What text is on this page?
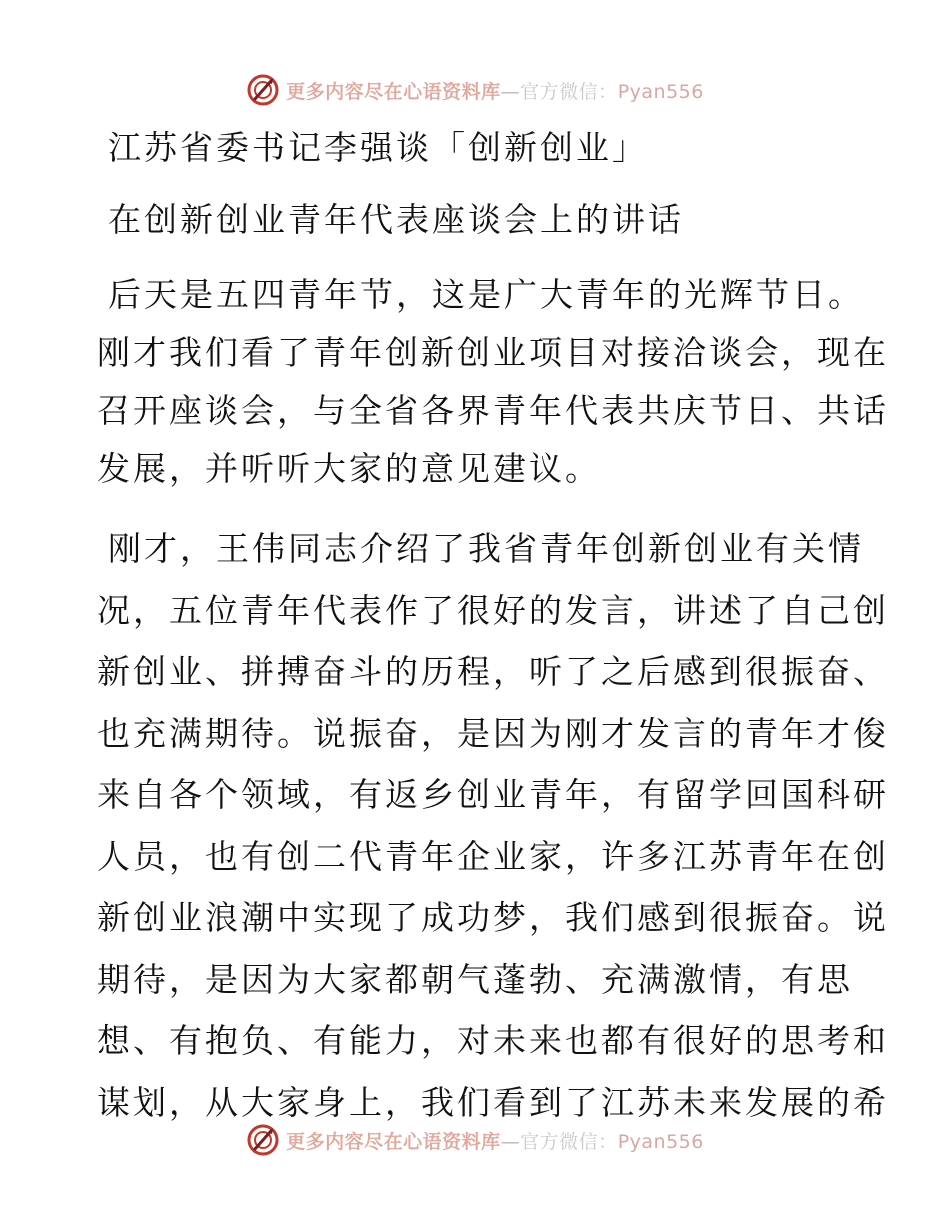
更多内容尽在心语资料库—官方微信：Pyan556
江苏省委书记李强谈「创新创业」
在创新创业青年代表座谈会上的讲话
后天是五四青年节，这是广大青年的光辉节日。
刚才我们看了青年创新创业项目对接洽谈会，现在
召开座谈会，与全省各界青年代表共庆节日、共话
发展，并听听大家的意见建议。
刚才，王伟同志介绍了我省青年创新创业有关情
况，五位青年代表作了很好的发言，讲述了自己创
新创业、拼搏奋斗的历程，听了之后感到很振奋、
也充满期待。说振奋，是因为刚才发言的青年才俊
来自各个领域，有返乡创业青年，有留学回国科研
人员，也有创二代青年企业家，许多江苏青年在创
新创业浪潮中实现了成功梦，我们感到很振奋。说
期待，是因为大家都朝气蓬勃、充满激情，有思
想、有抱负、有能力，对未来也都有很好的思考和
谋划，从大家身上，我们看到了江苏未来发展的希
更多内容尽在心语资料库—官方微信：Pyan556
